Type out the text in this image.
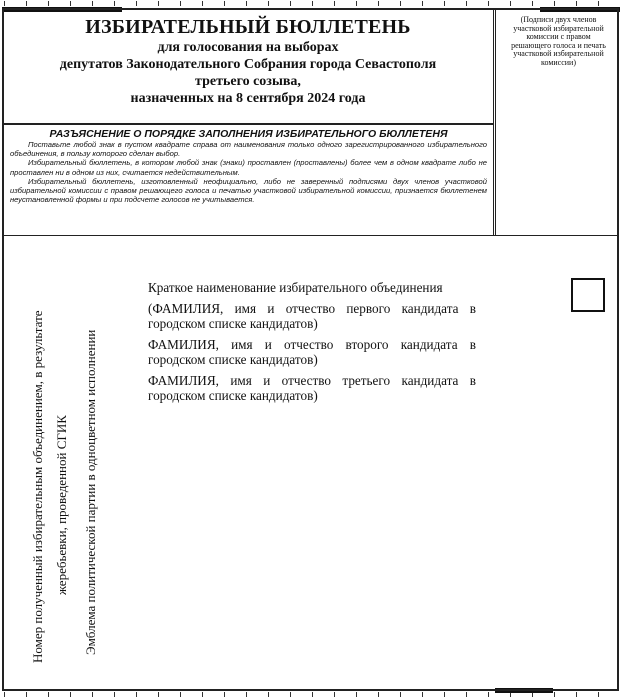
ИЗБИРАТЕЛЬНЫЙ БЮЛЛЕТЕНЬ
для голосования на выборах
депутатов Законодательного Собрания города Севастополя
третьего созыва,
назначенных на 8 сентября 2024 года
(Подписи двух членов участковой избирательной комиссии с правом решающего голоса и печать участковой избирательной комиссии)
РАЗЪЯСНЕНИЕ О ПОРЯДКЕ ЗАПОЛНЕНИЯ ИЗБИРАТЕЛЬНОГО БЮЛЛЕТЕНЯ

Поставьте любой знак в пустом квадрате справа от наименования только одного зарегистрированного избирательного объединения, в пользу которого сделан выбор.

Избирательный бюллетень, в котором любой знак (знаки) проставлен (проставлены) более чем в одном квадрате либо не проставлен ни в одном из них, считается недействительным.

Избирательный бюллетень, изготовленный неофициально, либо не заверенный подписями двух членов участковой избирательной комиссии с правом решающего голоса и печатью участковой избирательной комиссии, признается бюллетенем неустановленной формы и при подсчете голосов не учитывается.

Номер полученный избирательным объединением, в результате жеребьевки, проведенной СГИК Эмблема политической партии в одноцветном исполнении
Краткое наименование избирательного объединения
(ФАМИЛИЯ, имя и отчество первого кандидата в городском списке кандидатов)
ФАМИЛИЯ, имя и отчество второго кандидата в городском списке кандидатов)
ФАМИЛИЯ, имя и отчество третьего кандидата в городском списке кандидатов)
